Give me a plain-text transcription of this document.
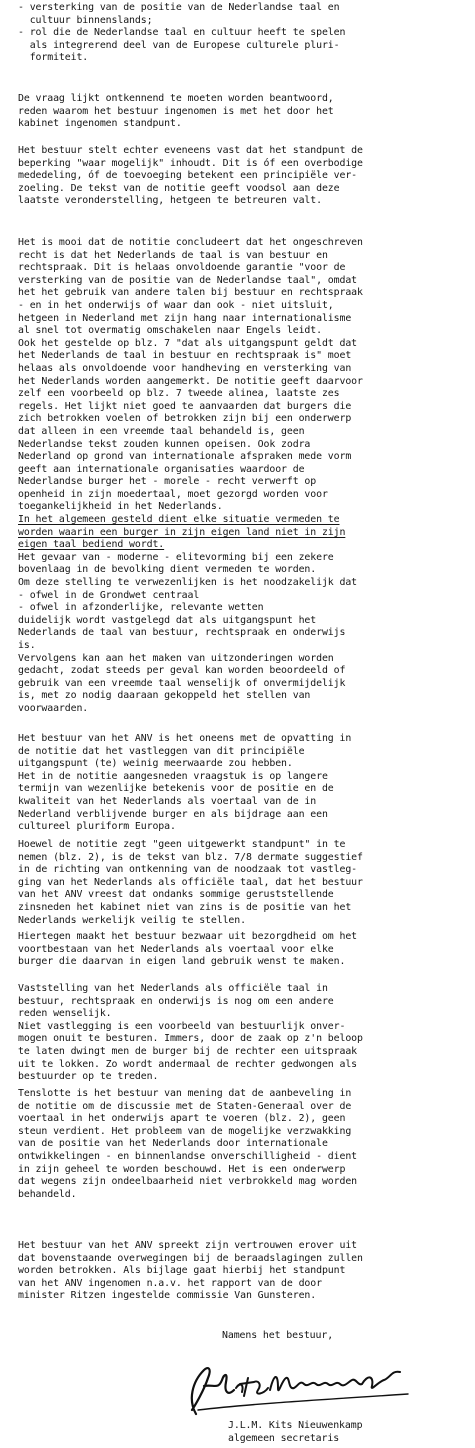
- versterking van de positie van de Nederlandse taal en
cultuur binnenslands;
- rol die de Nederlandse taal en cultuur heeft te spelen
als integrerend deel van de Europese culturele pluri-
formiteit.
De vraag lijkt ontkennend te moeten worden beantwoord,
reden waarom het bestuur ingenomen is met het door het
kabinet ingenomen standpunt.
Het bestuur stelt echter eveneens vast dat het standpunt de
beperking "waar mogelijk" inhoudt. Dit is óf een overbodige
mededeling, óf de toevoeging betekent een principiële ver-
zoeling. De tekst van de notitie geeft voodsol aan deze
laatste veronderstelling, hetgeen te betreuren valt.
Het is mooi dat de notitie concludeert dat het ongeschreven
recht is dat het Nederlands de taal is van bestuur en
rechtspraak. Dit is helaas onvoldoende garantie "voor de
versterking van de positie van de Nederlandse taal", omdat
het het gebruik van andere talen bij bestuur en rechtspraak
- en in het onderwijs of waar dan ook - niet uitsluit,
hetgeen in Nederland met zijn hang naar internationalisme
al snel tot overmatig omschakelen naar Engels leidt.
Ook het gestelde op blz. 7 "dat als uitgangspunt geldt dat
het Nederlands de taal in bestuur en rechtspraak is" moet
helaas als onvoldoende voor handheving en versterking van
het Nederlands worden aangemerkt. De notitie geeft daarvoor
zelf een voorbeeld op blz. 7 tweede alinea, laatste zes
regels. Het lijkt niet goed te aanvaarden dat burgers die
zich betrokken voelen of betrokken zijn bij een onderwerp
dat alleen in een vreemde taal behandeld is, geen
Nederlandse tekst zouden kunnen opeisen. Ook zodra
Nederland op grond van internationale afspraken mede vorm
geeft aan internationale organisaties waardoor de
Nederlandse burger het - morele - recht verwerft op
openheid in zijn moedertaal, moet gezorgd worden voor
toegankelijkheid in het Nederlands.
In het algemeen gesteld dient elke situatie vermeden te
worden waarin een burger in zijn eigen land niet in zijn
eigen taal bediend wordt.
Het gevaar van - moderne - elitevorming bij een zekere
bovenlaag in de bevolking dient vermeden te worden.
Om deze stelling te verwezenlijken is het noodzakelijk dat
- ofwel in de Grondwet centraal
- ofwel in afzonderlijke, relevante wetten
duidelijk wordt vastgelegd dat als uitgangspunt het
Nederlands de taal van bestuur, rechtspraak en onderwijs
is.
Vervolgens kan aan het maken van uitzonderingen worden
gedacht, zodat steeds per geval kan worden beoordeeld of
gebruik van een vreemde taal wenselijk of onvermijdelijk
is, met zo nodig daaraan gekoppeld het stellen van
voorwaarden.
Het bestuur van het ANV is het oneens met de opvatting in
de notitie dat het vastleggen van dit principiële
uitgangspunt (te) weinig meerwaarde zou hebben.
Het in de notitie aangesneden vraagstuk is op langere
termijn van wezenlijke betekenis voor de positie en de
kwaliteit van het Nederlands als voertaal van de in
Nederland verblijvende burger en als bijdrage aan een
cultureel pluriform Europa.
Hoewel de notitie zegt "geen uitgewerkt standpunt" in te
nemen (blz. 2), is de tekst van blz. 7/8 dermate suggestief
in de richting van ontkenning van de noodzaak tot vastleg-
ging van het Nederlands als officiële taal, dat het bestuur
van het ANV vreest dat ondanks sommige geruststellende
zinsneden het kabinet niet van zins is de positie van het
Nederlands werkelijk veilig te stellen.
Hiertegen maakt het bestuur bezwaar uit bezorgdheid om het
voortbestaan van het Nederlands als voertaal voor elke
burger die daarvan in eigen land gebruik wenst te maken.
Vaststelling van het Nederlands als officiële taal in
bestuur, rechtspraak en onderwijs is nog om een andere
reden wenselijk.
Niet vastlegging is een voorbeeld van bestuurlijk onver-
mogen onuit te besturen. Immers, door de zaak op z'n beloop
te laten dwingt men de burger bij de rechter een uitspraak
uit te lokken. Zo wordt andermaal de rechter gedwongen als
bestuurder op te treden.
Tenslotte is het bestuur van mening dat de aanbeveling in
de notitie om de discussie met de Staten-Generaal over de
voertaal in het onderwijs apart te voeren (blz. 2), geen
steun verdient. Het probleem van de mogelijke verzwakking
van de positie van het Nederlands door internationale
ontwikkelingen - en binnenlandse onverschilligheid - dient
in zijn geheel te worden beschouwd. Het is een onderwerp
dat wegens zijn ondeelbaarheid niet verbrokkeld mag worden
behandeld.
Het bestuur van het ANV spreekt zijn vertrouwen erover uit
dat bovenstaande overwegingen bij de beraadslagingen zullen
worden betrokken. Als bijlage gaat hierbij het standpunt
van het ANV ingenomen n.a.v. het rapport van de door
minister Ritzen ingestelde commissie Van Gunsteren.
Namens het bestuur,
J.L.M. Kits Nieuwenkamp
algemeen secretaris
